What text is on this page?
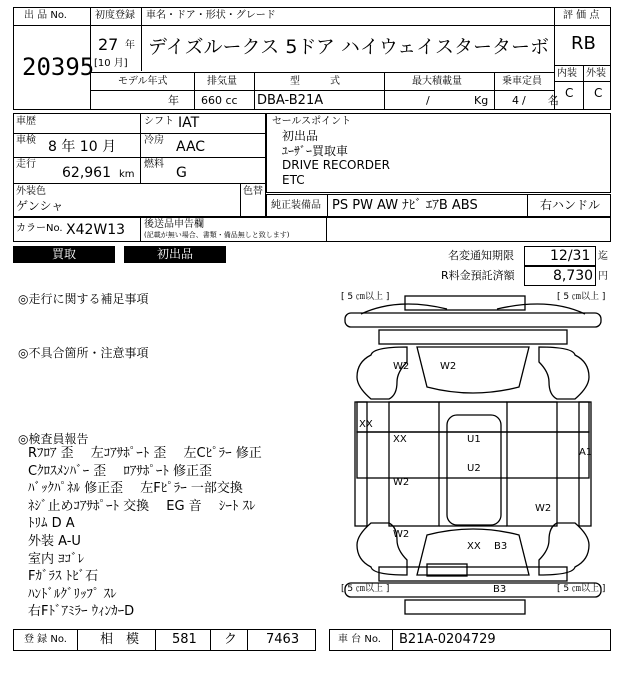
出 品 No.
20395
初度登録
27 年
[10 月]
車名・ドア・形状・グレード
デイズルークス 5ドア ハイウェイスターターボ
モデル年式
年
排気量
660 cc
型　　　式
DBA-B21A
最大積載量
/	Kg
乗車定員
4 /　　名
評 価 点
RB
内装 外装
C C
車歴	シフト IAT
車検 8 年 10 月	冷房 AAC
走行
62,961 km
燃料
G
外装色
ゲンシャ
色替
セールスポイント
初出品
ﾕｰｻﾞｰ買取車
DRIVE RECORDER
ETC
純正装備品 PS PW AW ﾅﾋﾞ ｴｱB ABS	右ハンドル
カラーNo. X42W13 後送品申告欄
(記載が無い場合、書類・備品無しと致します)
買取	初出品	名変通知期限	12/31 迄
R料金預託済額	8,730 円
◎走行に関する補足事項
◎不具合箇所・注意事項
◎検査員報告
Rﾌﾛｱ 歪　 左ｺｱｻﾎﾟｰﾄ 歪　 左Cﾋﾟﾗｰ 修正
Cｸﾛｽﾒﾝﾊﾞｰ 歪　 ﾛｱｻﾎﾟｰﾄ 修正歪
ﾊﾞｯｸﾊﾟﾈﾙ 修正歪　 左Fﾋﾟﾗｰ 一部交換
ﾈｼﾞ止めｺｱｻﾎﾟｰﾄ 交換　 EG 音　 ｼｰﾄ ｽﾚ
ﾄﾘﾑ D A
外装 A-U
室内 ﾖｺﾞﾚ
Fｶﾞﾗｽ ﾄﾋﾞ石
ﾊﾝﾄﾞﾙｸﾞﾘｯﾌﾟ ｽﾚ
右Fﾄﾞｱﾐﾗｰ ｳｨﾝｶｰD
[ 5 ㎝以上 ]	[ 5 ㎝以上 ]
[ 5 ㎝以上 ]	[ 5 ㎝以上 ]
W2	W2
XX
XX	U1
U2
A1
W2
W2
W2
XX B3
B3
登 録 No.	相　模	581 ク 7463	車 台 No. B21A-0204729
